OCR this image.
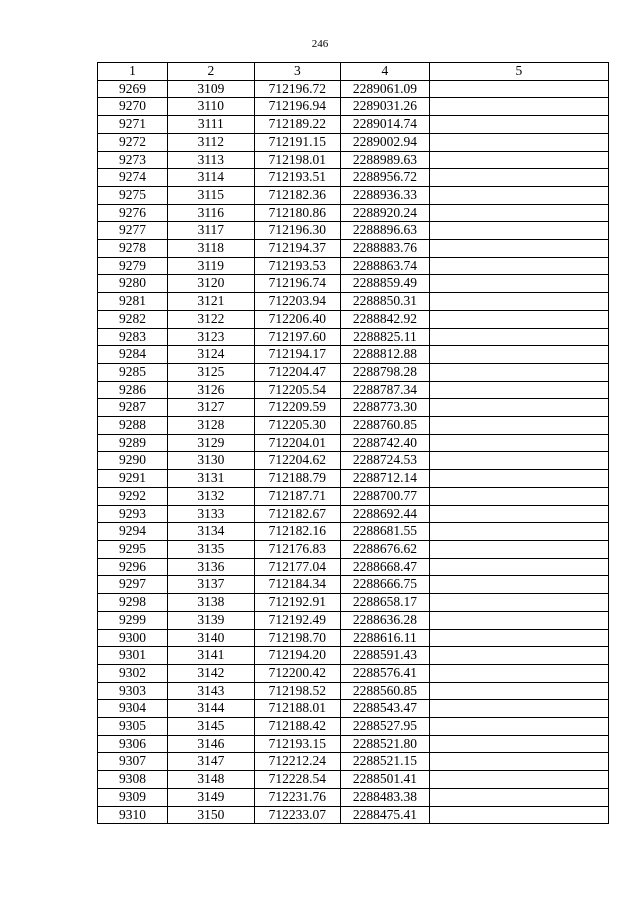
246
1	2	3	4	5
9269	3109	712196.72	2289061.09	
9270	3110	712196.94	2289031.26	
9271	3111	712189.22	2289014.74	
9272	3112	712191.15	2289002.94	
9273	3113	712198.01	2288989.63	
9274	3114	712193.51	2288956.72	
9275	3115	712182.36	2288936.33	
9276	3116	712180.86	2288920.24	
9277	3117	712196.30	2288896.63	
9278	3118	712194.37	2288883.76	
9279	3119	712193.53	2288863.74	
9280	3120	712196.74	2288859.49	
9281	3121	712203.94	2288850.31	
9282	3122	712206.40	2288842.92	
9283	3123	712197.60	2288825.11	
9284	3124	712194.17	2288812.88	
9285	3125	712204.47	2288798.28	
9286	3126	712205.54	2288787.34	
9287	3127	712209.59	2288773.30	
9288	3128	712205.30	2288760.85	
9289	3129	712204.01	2288742.40	
9290	3130	712204.62	2288724.53	
9291	3131	712188.79	2288712.14	
9292	3132	712187.71	2288700.77	
9293	3133	712182.67	2288692.44	
9294	3134	712182.16	2288681.55	
9295	3135	712176.83	2288676.62	
9296	3136	712177.04	2288668.47	
9297	3137	712184.34	2288666.75	
9298	3138	712192.91	2288658.17	
9299	3139	712192.49	2288636.28	
9300	3140	712198.70	2288616.11	
9301	3141	712194.20	2288591.43	
9302	3142	712200.42	2288576.41	
9303	3143	712198.52	2288560.85	
9304	3144	712188.01	2288543.47	
9305	3145	712188.42	2288527.95	
9306	3146	712193.15	2288521.80	
9307	3147	712212.24	2288521.15	
9308	3148	712228.54	2288501.41	
9309	3149	712231.76	2288483.38	
9310	3150	712233.07	2288475.41	
